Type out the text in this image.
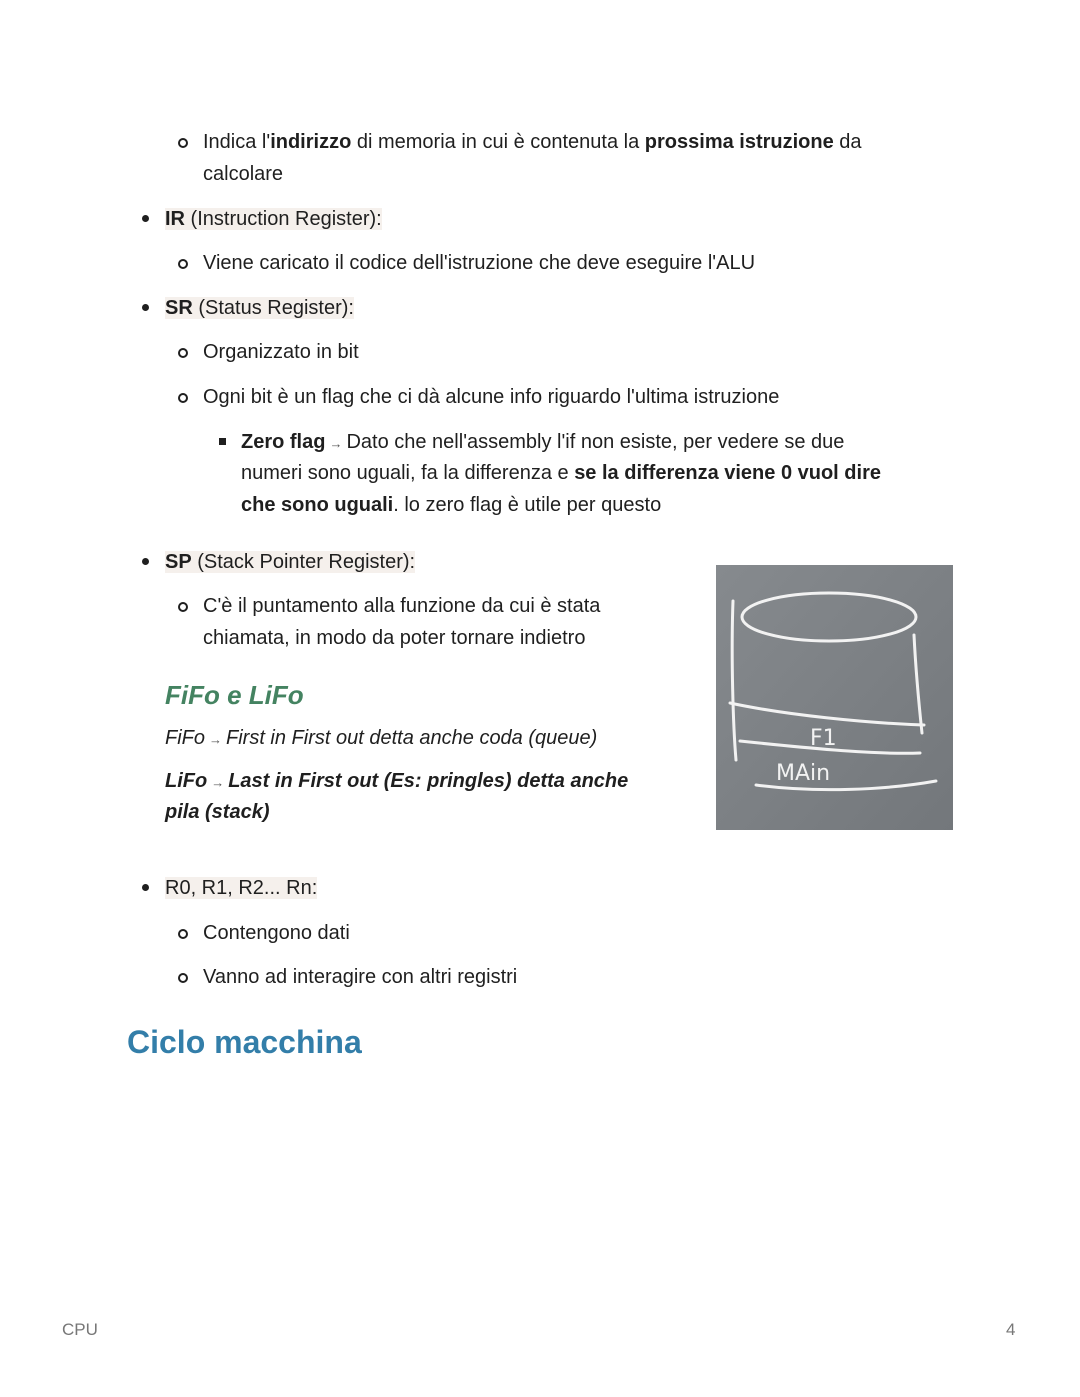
Indica l'indirizzo di memoria in cui è contenuta la prossima istruzione da
calcolare
IR (Instruction Register):
Viene caricato il codice dell'istruzione che deve eseguire l'ALU
SR (Status Register):
Organizzato in bit
Ogni bit è un flag che ci dà alcune info riguardo l'ultima istruzione
Zero flag → Dato che nell'assembly l'if non esiste, per vedere se due
numeri sono uguali, fa la differenza e se la differenza viene 0 vuol dire
che sono uguali. lo zero flag è utile per questo
SP (Stack Pointer Register):
C'è il puntamento alla funzione da cui è stata
chiamata, in modo da poter tornare indietro
FiFo e LiFo
FiFo → First in First out detta anche coda (queue)
LiFo → Last in First out (Es: pringles) detta anche
pila (stack)
F1
MAin
R0, R1, R2... Rn:
Contengono dati
Vanno ad interagire con altri registri
Ciclo macchina
CPU	4
